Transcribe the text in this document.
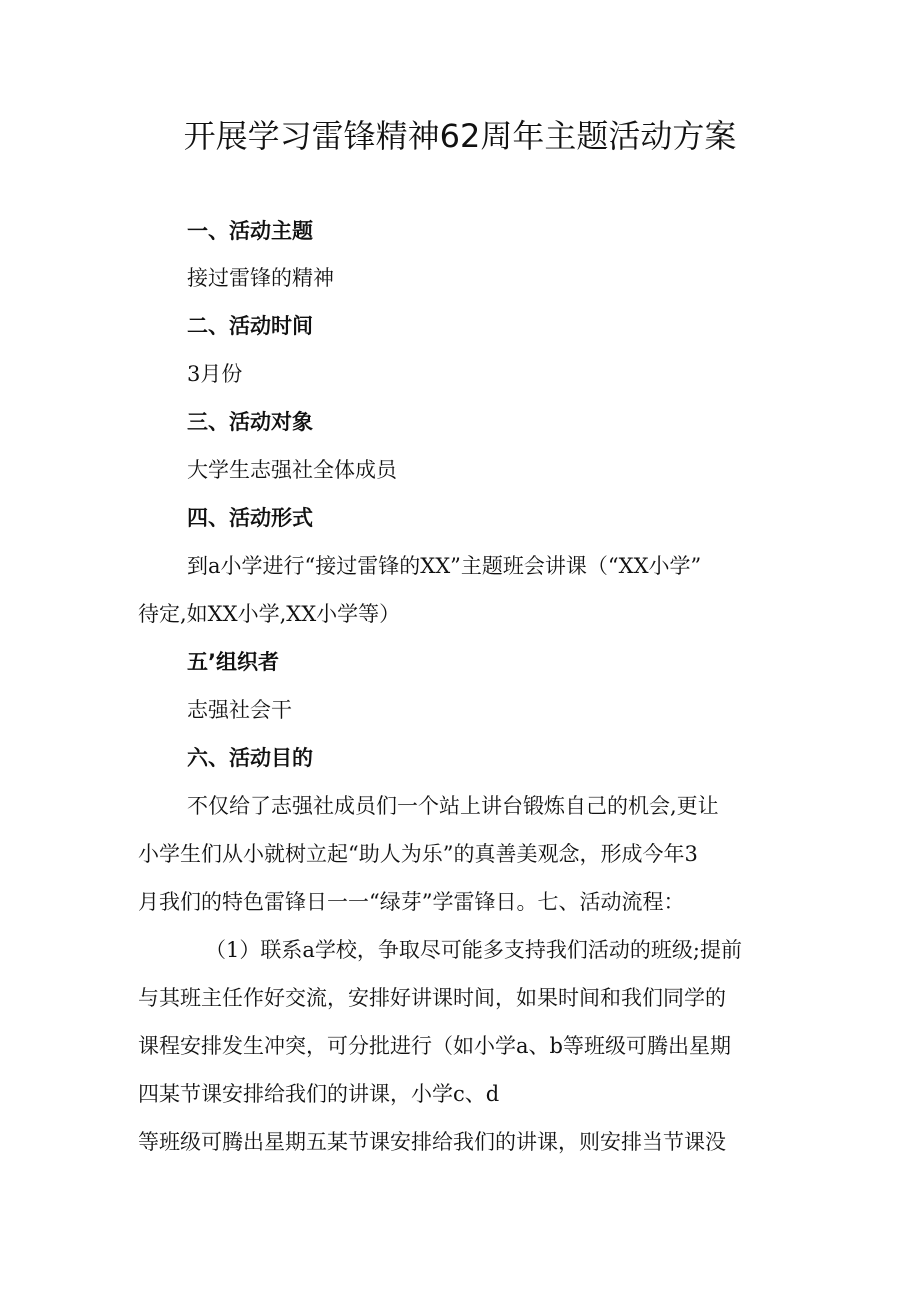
开展学习雷锋精神62周年主题活动方案
一、活动主题
接过雷锋的精神
二、活动时间
3月份
三、活动对象
大学生志强社全体成员
四、活动形式
到a小学进行“接过雷锋的XX”主题班会讲课（“XX小学”
待定,如XX小学,XX小学等）
五’组织者
志强社会干
六、活动目的
不仅给了志强社成员们一个站上讲台锻炼自己的机会,更让
小学生们从小就树立起“助人为乐”的真善美观念，形成今年3
月我们的特色雷锋日一一“绿芽”学雷锋日。七、活动流程：
（1）联系a学校，争取尽可能多支持我们活动的班级;提前
与其班主任作好交流，安排好讲课时间，如果时间和我们同学的
课程安排发生冲突，可分批进行（如小学a、b等班级可腾出星期
四某节课安排给我们的讲课，小学c、d
等班级可腾出星期五某节课安排给我们的讲课，则安排当节课没
